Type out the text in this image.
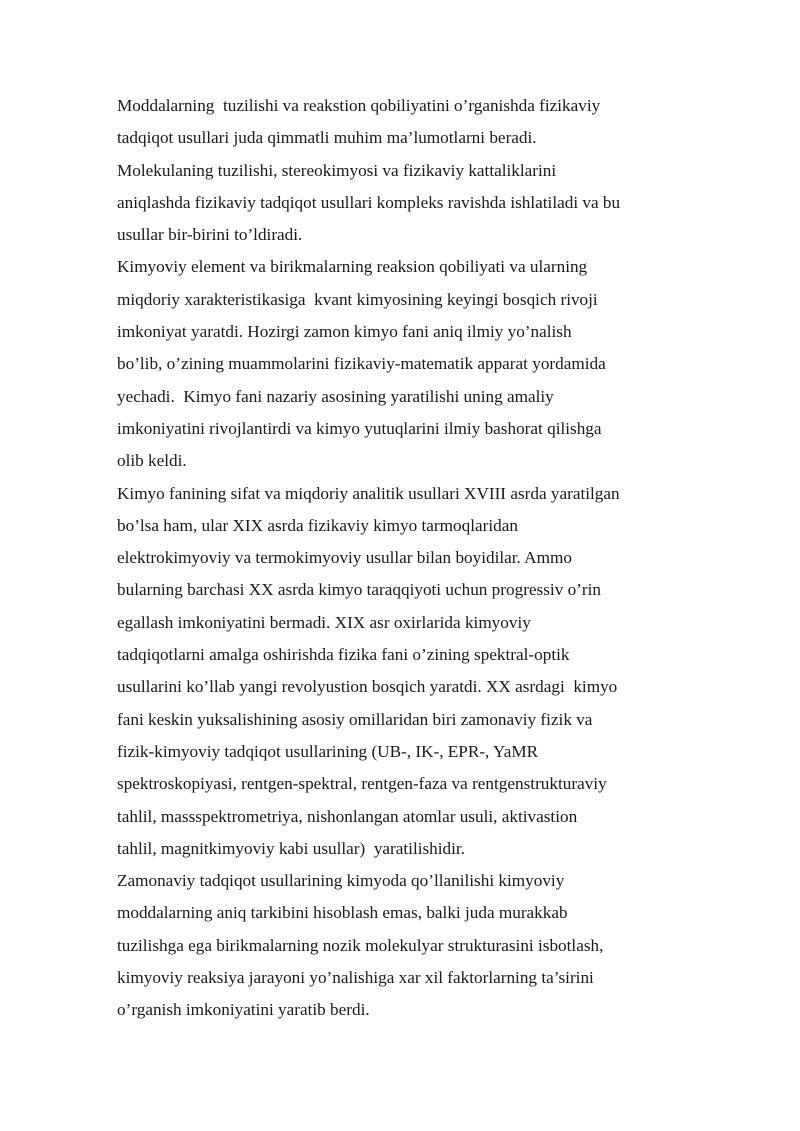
Moddalarning  tuzilishi va reakstion qobiliyatini o’rganishda fizikaviy
tadqiqot usullari juda qimmatli muhim ma’lumotlarni beradi.
Molekulaning tuzilishi, stereokimyosi va fizikaviy kattaliklarini
aniqlashda fizikaviy tadqiqot usullari kompleks ravishda ishlatiladi va bu
usullar bir-birini to’ldiradi.
Kimyoviy element va birikmalarning reaksion qobiliyati va ularning
miqdoriy xarakteristikasiga  kvant kimyosining keyingi bosqich rivoji
imkoniyat yaratdi. Hozirgi zamon kimyo fani aniq ilmiy yo’nalish
bo’lib, o’zining muammolarini fizikaviy-matematik apparat yordamida
yechadi.  Kimyo fani nazariy asosining yaratilishi uning amaliy
imkoniyatini rivojlantirdi va kimyo yutuqlarini ilmiy bashorat qilishga
olib keldi.
Kimyo fanining sifat va miqdoriy analitik usullari XVIII asrda yaratilgan
bo’lsa ham, ular XIX asrda fizikaviy kimyo tarmoqlaridan
elektrokimyoviy va termokimyoviy usullar bilan boyidilar. Ammo
bularning barchasi XX asrda kimyo taraqqiyoti uchun progressiv o’rin
egallash imkoniyatini bermadi. XIX asr oxirlarida kimyoviy
tadqiqotlarni amalga oshirishda fizika fani o’zining spektral-optik
usullarini ko’llab yangi revolyustion bosqich yaratdi. XX asrdagi  kimyo
fani keskin yuksalishining asosiy omillaridan biri zamonaviy fizik va
fizik-kimyoviy tadqiqot usullarining (UB-, IK-, EPR-, YaMR
spektroskopiyasi, rentgen-spektral, rentgen-faza va rentgenstrukturaviy
tahlil, massspektrometriya, nishonlangan atomlar usuli, aktivastion
tahlil, magnitkimyoviy kabi usullar)  yaratilishidir.
Zamonaviy tadqiqot usullarining kimyoda qo’llanilishi kimyoviy
moddalarning aniq tarkibini hisoblash emas, balki juda murakkab
tuzilishga ega birikmalarning nozik molekulyar strukturasini isbotlash,
kimyoviy reaksiya jarayoni yo’nalishiga xar xil faktorlarning ta’sirini
o’rganish imkoniyatini yaratib berdi.
